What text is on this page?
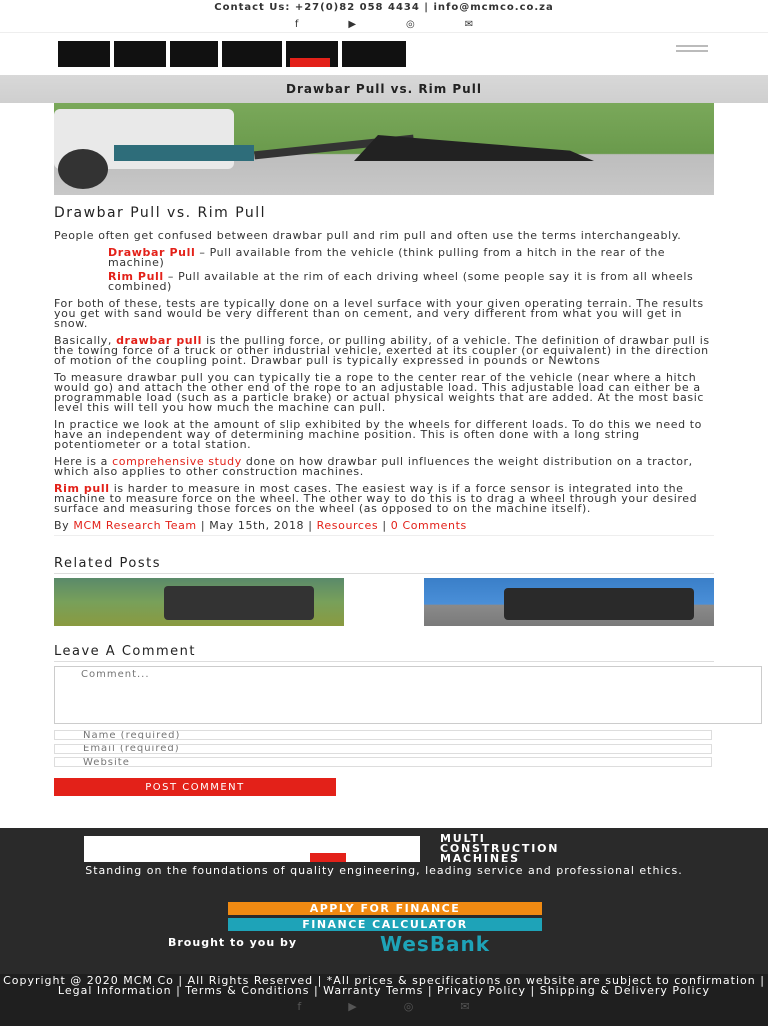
Contact Us: +27(0)82 058 4434 | info@mcmco.co.za
f	▶	◎	✉
Drawbar Pull vs. Rim Pull
Drawbar Pull vs. Rim Pull

People often get confused between drawbar pull and rim pull and often use the terms interchangeably.

Drawbar Pull – Pull available from the vehicle (think pulling from a hitch in the rear of the machine)
Rim Pull – Pull available at the rim of each driving wheel (some people say it is from all wheels combined)

For both of these, tests are typically done on a level surface with your given operating terrain. The results you get with sand would be very different than on cement, and very different from what you will get in snow.

Basically, drawbar pull is the pulling force, or pulling ability, of a vehicle. The definition of drawbar pull is the towing force of a truck or other industrial vehicle, exerted at its coupler (or equivalent) in the direction of motion of the coupling point. Drawbar pull is typically expressed in pounds or Newtons

To measure drawbar pull you can typically tie a rope to the center rear of the vehicle (near where a hitch would go) and attach the other end of the rope to an adjustable load. This adjustable load can either be a programmable load (such as a particle brake) or actual physical weights that are added. At the most basic level this will tell you how much the machine can pull.

In practice we look at the amount of slip exhibited by the wheels for different loads. To do this we need to have an independent way of determining machine position. This is often done with a long string potentiometer or a total station.

Here is a comprehensive study done on how drawbar pull influences the weight distribution on a tractor, which also applies to other construction machines.

Rim pull is harder to measure in most cases. The easiest way is if a force sensor is integrated into the machine to measure force on the wheel. The other way to do this is to drag a wheel through your desired surface and measuring those forces on the wheel (as opposed to on the machine itself).

By MCM Research Team | May 15th, 2018 | Resources | 0 Comments
Related Posts
Leave A Comment
Comment... Name (required) Email (required) Website POST COMMENT
MULTI
CONSTRUCTION
MACHINES
Standing on the foundations of quality engineering, leading service and professional ethics.
APPLY FOR FINANCE
FINANCE CALCULATOR
Brought to you by	WesBank
Copyright @ 2020 MCM Co | All Rights Reserved | *All prices & specifications on website are subject to confirmation | Legal Information | Terms & Conditions | Warranty Terms | Privacy Policy | Shipping & Delivery Policy
f	▶	◎	✉
